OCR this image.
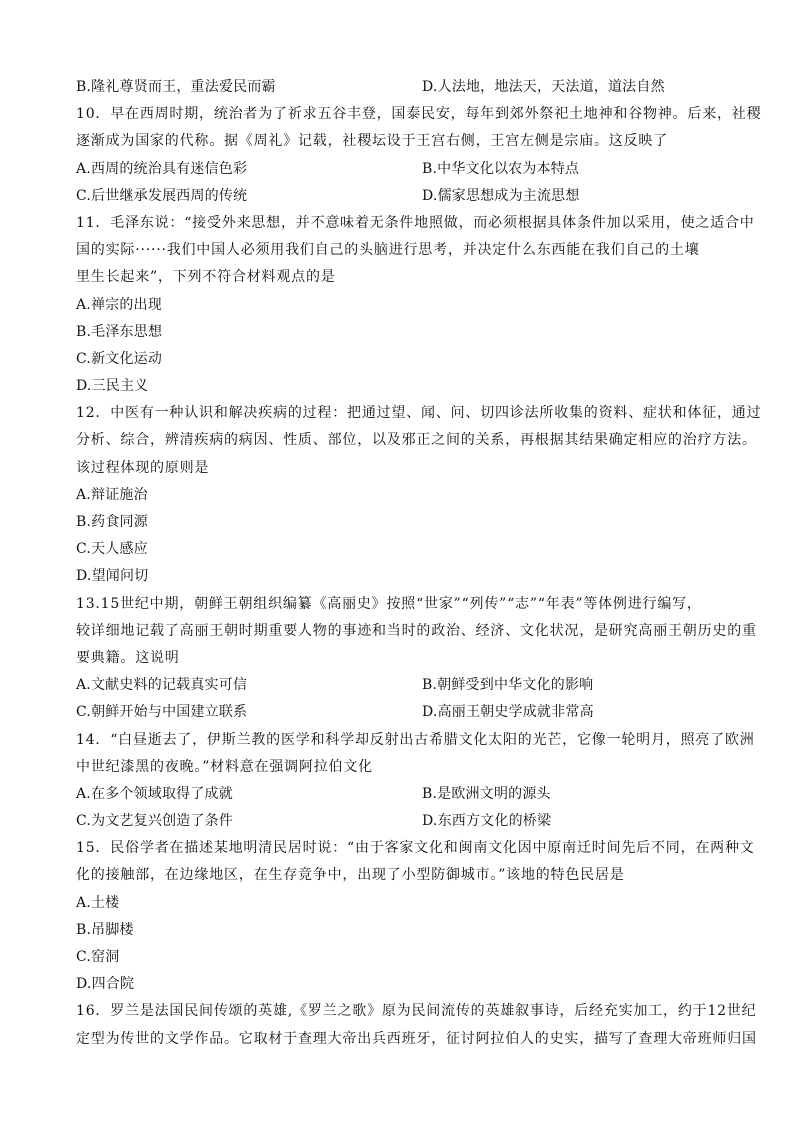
B.隆礼尊贤而王，重法爱民而霸	D.人法地，地法天，天法道，道法自然
10．早在西周时期，统治者为了祈求五谷丰登，国泰民安，每年到郊外祭祀土地神和谷物神。后来，社稷
逐渐成为国家的代称。据《周礼》记载，社稷坛设于王宫右侧，王宫左侧是宗庙。这反映了
A.西周的统治具有迷信色彩	B.中华文化以农为本特点
C.后世继承发展西周的传统	D.儒家思想成为主流思想
11．毛泽东说：“接受外来思想，并不意味着无条件地照做，而必须根据具体条件加以采用，使之适合中
国的实际······我们中国人必须用我们自己的头脑进行思考，并决定什么东西能在我们自己的土壤
里生长起来”，下列不符合材料观点的是
A.禅宗的出现
B.毛泽东思想
C.新文化运动
D.三民主义
12．中医有一种认识和解决疾病的过程：把通过望、闻、问、切四诊法所收集的资料、症状和体征，通过
分析、综合，辨清疾病的病因、性质、部位，以及邪正之间的关系，再根据其结果确定相应的治疗方法。
该过程体现的原则是
A.辩证施治
B.药食同源
C.天人感应
D.望闻问切
13.15世纪中期，朝鲜王朝组织编纂《高丽史》按照“世家”“列传”“志”“年表”等体例进行编写，
较详细地记载了高丽王朝时期重要人物的事迹和当时的政治、经济、文化状况，是研究高丽王朝历史的重
要典籍。这说明
A.文献史料的记载真实可信	B.朝鲜受到中华文化的影响
C.朝鲜开始与中国建立联系	D.高丽王朝史学成就非常高
14．“白昼逝去了，伊斯兰教的医学和科学却反射出古希腊文化太阳的光芒，它像一轮明月，照亮了欧洲
中世纪漆黑的夜晚。”材料意在强调阿拉伯文化
A.在多个领域取得了成就	B.是欧洲文明的源头
C.为文艺复兴创造了条件	D.东西方文化的桥梁
15．民俗学者在描述某地明清民居时说：“由于客家文化和闽南文化因中原南迁时间先后不同，在两种文
化的接触部，在边缘地区，在生存竞争中，出现了小型防御城市。”该地的特色民居是
A.土楼
B.吊脚楼
C.窑洞
D.四合院
16．罗兰是法国民间传颂的英雄,《罗兰之歌》原为民间流传的英雄叙事诗，后经充实加工，约于12世纪
定型为传世的文学作品。它取材于查理大帝出兵西班牙，征讨阿拉伯人的史实，描写了查理大帝班师归国
